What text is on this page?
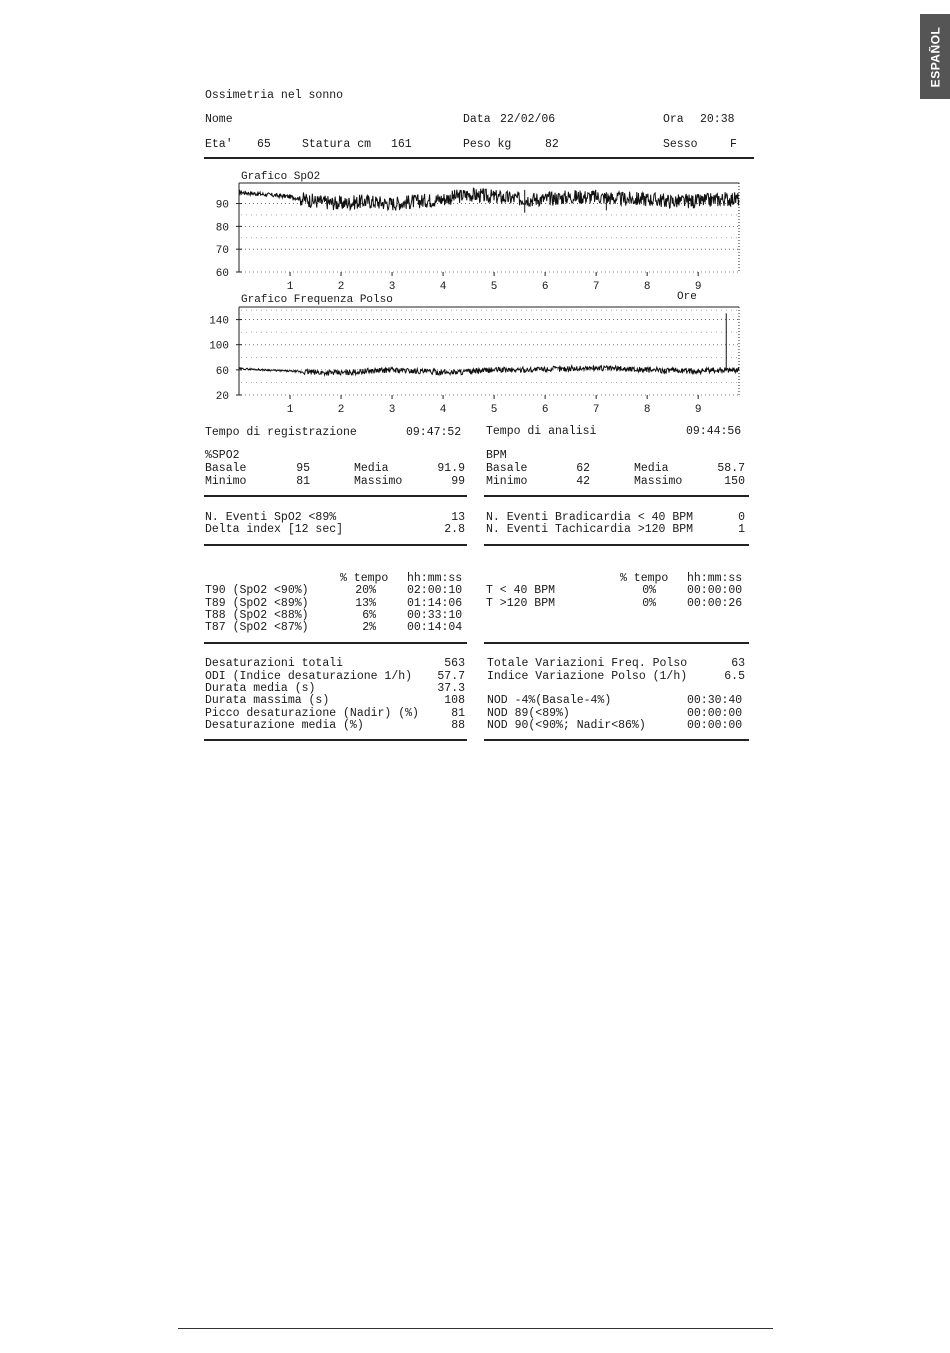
ESPAÑOL
Ossimetria nel sonno
Nome	Data 22/02/06	Ora 20:38
Eta' 65	Statura cm 161	Peso kg	82	Sesso	F
Grafico SpO2
60
70
80
90
1	2	3	4	5	6	7	8	9
Grafico Frequenza Polso	Ore
20
60
100
140
1	2	3	4	5	6	7	8	9
Tempo di registrazione	09:47:52 Tempo di analisi	09:44:56
%SPO2
Basale	95	Media	91.9
Minimo	81	Massimo	99
BPM
Basale	62	Media	58.7
Minimo	42	Massimo	150
N. Eventi SpO2 <89%	13
Delta index [12 sec]	2.8
N. Eventi Bradicardia < 40 BPM	0
N. Eventi Tachicardia >120 BPM	1
% tempo hh:mm:ss
T90 (SpO2 <90%)	20%	02:00:10
T89 (SpO2 <89%)	13%	01:14:06
T88 (SpO2 <88%)	6%	00:33:10
T87 (SpO2 <87%)	2%	00:14:04
% tempo hh:mm:ss
T < 40 BPM	0%	00:00:00
T >120 BPM	0%	00:00:26
Desaturazioni totali	563
ODI (Indice desaturazione 1/h)	57.7
Durata media (s)	37.3
Durata massima (s)	108
Picco desaturazione (Nadir) (%)	81
Desaturazione media (%)	88
Totale Variazioni Freq. Polso	63
Indice Variazione Polso (1/h)	6.5
NOD -4%(Basale-4%)	00:30:40
NOD 89(<89%)	00:00:00
NOD 90(<90%; Nadir<86%)	00:00:00
